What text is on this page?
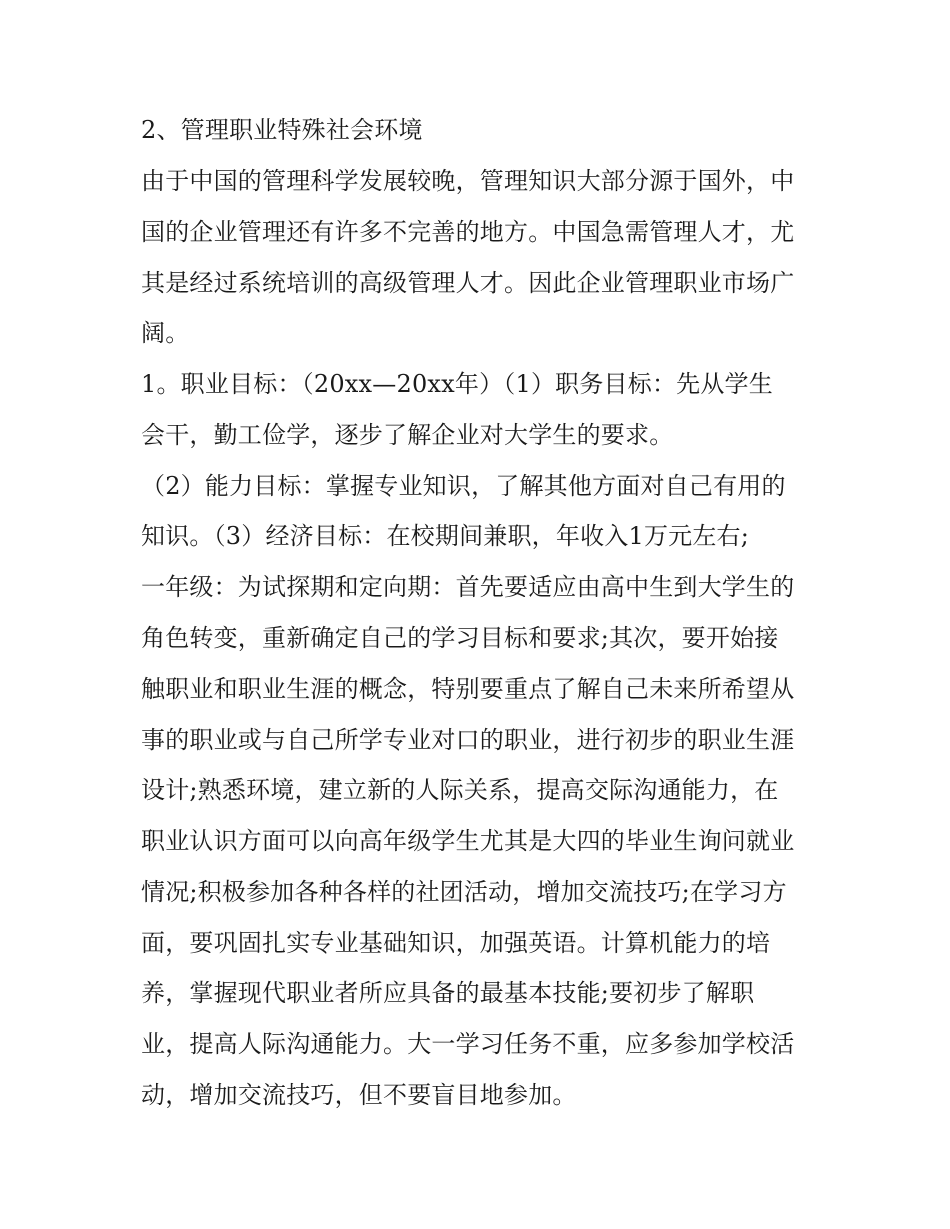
2、管理职业特殊社会环境
由于中国的管理科学发展较晚，管理知识大部分源于国外，中
国的企业管理还有许多不完善的地方。中国急需管理人才，尤
其是经过系统培训的高级管理人才。因此企业管理职业市场广
阔。
1。职业目标：（20xx—20xx年）（1）职务目标：先从学生
会干，勤工俭学，逐步了解企业对大学生的要求。
（2）能力目标：掌握专业知识，了解其他方面对自己有用的
知识。（3）经济目标：在校期间兼职，年收入1万元左右;
一年级：为试探期和定向期：首先要适应由高中生到大学生的
角色转变，重新确定自己的学习目标和要求;其次，要开始接
触职业和职业生涯的概念，特别要重点了解自己未来所希望从
事的职业或与自己所学专业对口的职业，进行初步的职业生涯
设计;熟悉环境，建立新的人际关系，提高交际沟通能力，在
职业认识方面可以向高年级学生尤其是大四的毕业生询问就业
情况;积极参加各种各样的社团活动，增加交流技巧;在学习方
面，要巩固扎实专业基础知识，加强英语。计算机能力的培
养，掌握现代职业者所应具备的最基本技能;要初步了解职
业，提高人际沟通能力。大一学习任务不重，应多参加学校活
动，增加交流技巧，但不要盲目地参加。
